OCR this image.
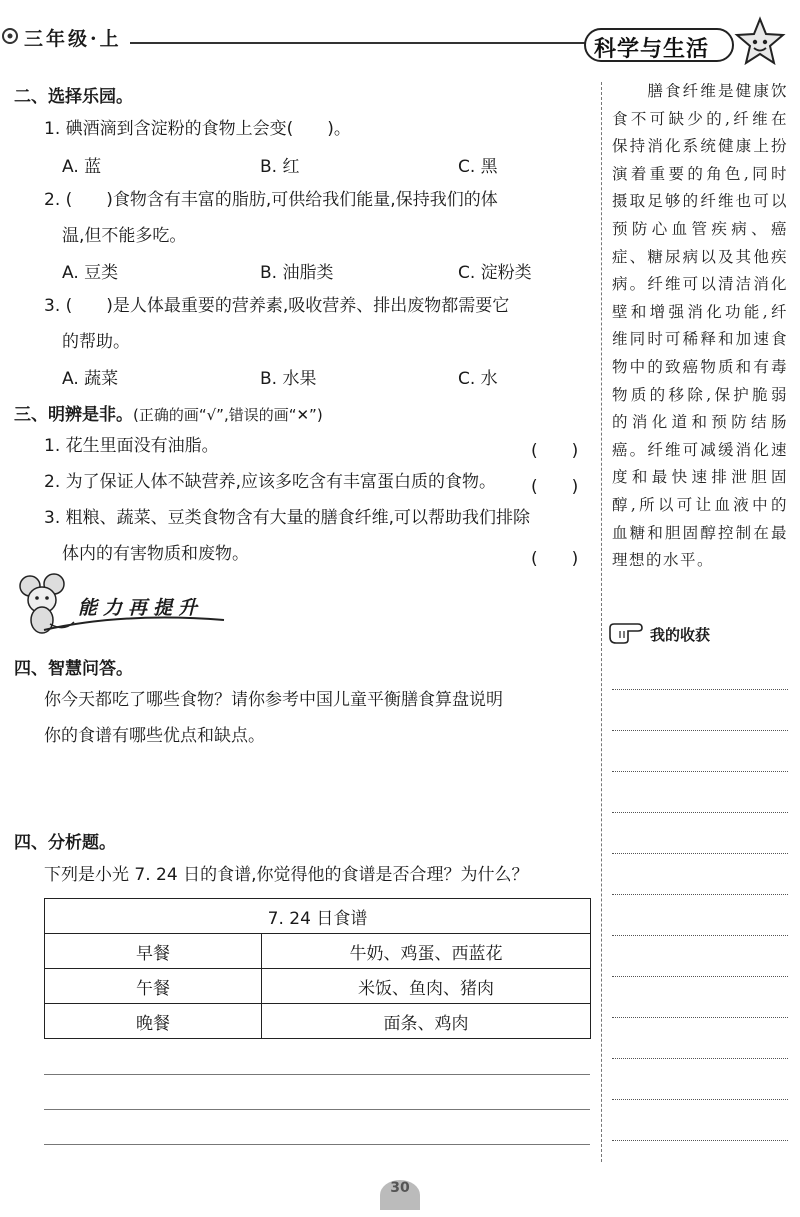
三年级·上	科学与生活
二、选择乐园。
1. 碘酒滴到含淀粉的食物上会变(　　)。
A. 蓝	B. 红	C. 黑
2. (　　)食物含有丰富的脂肪,可供给我们能量,保持我们的体
温,但不能多吃。
A. 豆类	B. 油脂类	C. 淀粉类
3. (　　)是人体最重要的营养素,吸收营养、排出废物都需要它
的帮助。
A. 蔬菜	B. 水果	C. 水
三、明辨是非。(正确的画“√”,错误的画“✕”)
1. 花生里面没有油脂。	(　　)
2. 为了保证人体不缺营养,应该多吃含有丰富蛋白质的食物。 (　　)
3. 粗粮、蔬菜、豆类食物含有大量的膳食纤维,可以帮助我们排除
体内的有害物质和废物。	(　　)
能力再提升
四、智慧问答。
你今天都吃了哪些食物？请你参考中国儿童平衡膳食算盘说明
你的食谱有哪些优点和缺点。
四、分析题。
下列是小光 7. 24 日的食谱,你觉得他的食谱是否合理？为什么？
7. 24 日食谱	
早餐	牛奶、鸡蛋、西蓝花
午餐	米饭、鱼肉、猪肉
晚餐	面条、鸡肉
　　膳食纤维是健康饮食不可缺少的,纤维在保持消化系统健康上扮演着重要的角色,同时摄取足够的纤维也可以预防心血管疾病、癌症、糖尿病以及其他疾病。纤维可以清洁消化壁和增强消化功能,纤维同时可稀释和加速食物中的致癌物质和有毒物质的移除,保护脆弱的消化道和预防结肠癌。纤维可减缓消化速度和最快速排泄胆固醇,所以可让血液中的血糖和胆固醇控制在最理想的水平。
我的收获
30
